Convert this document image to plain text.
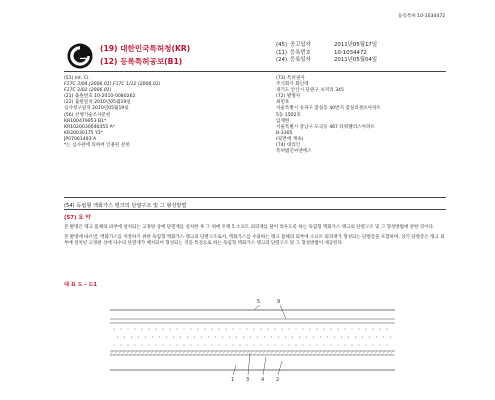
등록특허 10-1034472
(19) 대한민국특허청(KR)
(12) 등록특허공보(B1)
(45) 공고일자	2011년05월17일
(11) 등록번호	10-1034472
(24) 등록일자	2011년05월04일
(51) Int. Cl.
F17C 3/04 (2006.01) F17C 1/12 (2006.01)
F17C 3/02 (2006.01)
(21) 출원번호 10-2010-0080262
(22) 출원일자 2010년05월19일
심사청구일자 2010년05월19일
(56) 선행기술조사문헌
KR100479953 B1*
KR1020030046455 A*
KR20030175 Y1*
JP07061493 A
*는 심사관에 의하여 인용된 문헌
(73) 특허권자
주식회사 화인텍
경기도 안산시 단원구 보저리 345
(72) 발명자
최민호
서울특별시 송파구 잠실동 40번지 잠실리센츠아파트
5동 1502호
임재헌
서울특별시 강남구 도곡동 467 타워팰리스아파트
B-3305
(뒷면에 계속)
(74) 대리인
특허법인씨엔에스
(54) 독립형 액화가스 탱크의 단열구조 및 그 형성방법
(57) 요 약

본 발명은 탱크 몸체의 외부에 설치되는 고정판 상에 단열재를 설치한 후 그 위에 두께 5 소프트 외피재를 덮어 씌우도록 하는 독립형 액화가스 탱크의 단열구조 및 그 형성방법에 관한 것이다.

본 발명에 따르면, 액화가스를 저장하기 위한 독립형 액화가스 탱크의 단열구조로서, 액화가스를 수용하는 탱크 몸체의 외부에 소프트 외피재가 형성되는 단열층을 포함하며, 상기 단열층은 탱크 외부에 설치된 고정판 상에 다수의 단열재가 배치되어 형성되는 것을 특징으로 하는 독립형 액화가스 탱크의 단열구조 및 그 형성방법이 제공된다.

대 표 도 - 도1
5	9
1 3 4 2
